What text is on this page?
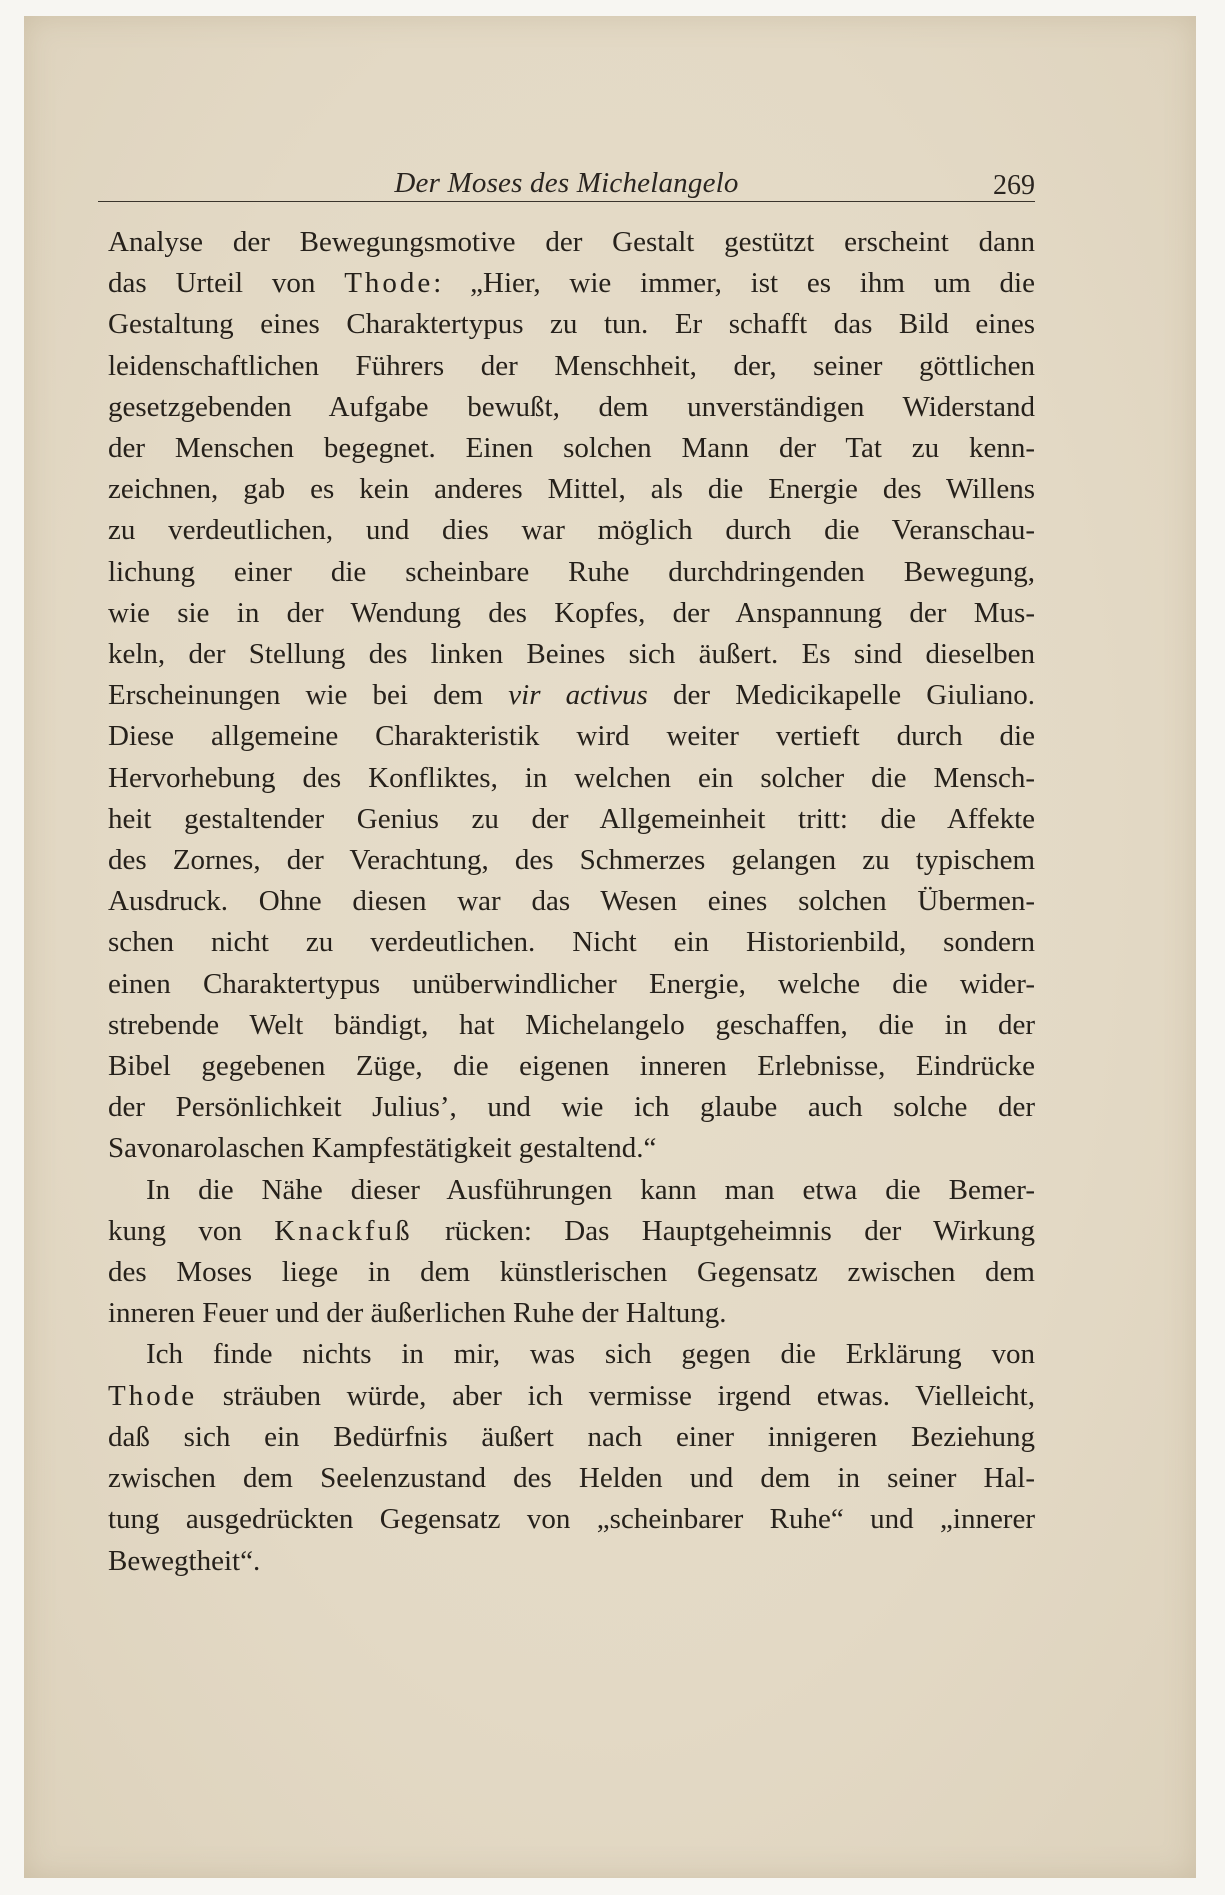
Der Moses des Michelangelo	269

Analyse der Bewegungsmotive der Gestalt gestützt erscheint dann
das Urteil von Thode: „Hier, wie immer, ist es ihm um die
Gestaltung eines Charaktertypus zu tun. Er schafft das Bild eines
leidenschaftlichen Führers der Menschheit, der, seiner göttlichen
gesetzgebenden Aufgabe bewußt, dem unverständigen Widerstand
der Menschen begegnet. Einen solchen Mann der Tat zu kenn-
zeichnen, gab es kein anderes Mittel, als die Energie des Willens
zu verdeutlichen, und dies war möglich durch die Veranschau-
lichung einer die scheinbare Ruhe durchdringenden Bewegung,
wie sie in der Wendung des Kopfes, der Anspannung der Mus-
keln, der Stellung des linken Beines sich äußert. Es sind dieselben
Erscheinungen wie bei dem vir activus der Medicikapelle Giuliano.
Diese allgemeine Charakteristik wird weiter vertieft durch die
Hervorhebung des Konfliktes, in welchen ein solcher die Mensch-
heit gestaltender Genius zu der Allgemeinheit tritt: die Affekte
des Zornes, der Verachtung, des Schmerzes gelangen zu typischem
Ausdruck. Ohne diesen war das Wesen eines solchen Übermen-
schen nicht zu verdeutlichen. Nicht ein Historienbild, sondern
einen Charaktertypus unüberwindlicher Energie, welche die wider-
strebende Welt bändigt, hat Michelangelo geschaffen, die in der
Bibel gegebenen Züge, die eigenen inneren Erlebnisse, Eindrücke
der Persönlichkeit Julius’, und wie ich glaube auch solche der
Savonarolaschen Kampfestätigkeit gestaltend.“

In die Nähe dieser Ausführungen kann man etwa die Bemer-
kung von Knackfuß rücken: Das Hauptgeheimnis der Wirkung
des Moses liege in dem künstlerischen Gegensatz zwischen dem
inneren Feuer und der äußerlichen Ruhe der Haltung.

Ich finde nichts in mir, was sich gegen die Erklärung von
Thode sträuben würde, aber ich vermisse irgend etwas. Vielleicht,
daß sich ein Bedürfnis äußert nach einer innigeren Beziehung
zwischen dem Seelenzustand des Helden und dem in seiner Hal-
tung ausgedrückten Gegensatz von „scheinbarer Ruhe“ und „innerer
Bewegtheit“.
